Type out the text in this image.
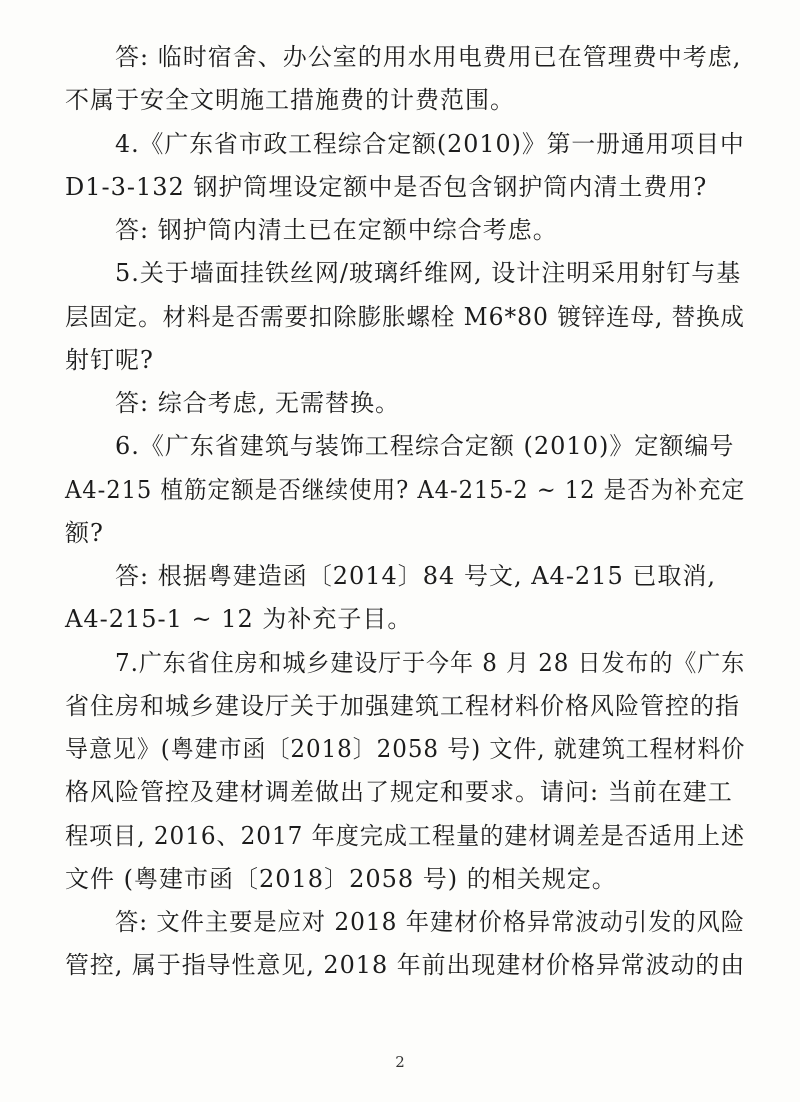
答: 临时宿舍、办公室的用水用电费用已在管理费中考虑,
不属于安全文明施工措施费的计费范围。
4.《广东省市政工程综合定额(2010)》第一册通用项目中
D1-3-132 钢护筒埋设定额中是否包含钢护筒内清土费用?
答: 钢护筒内清土已在定额中综合考虑。
5.关于墙面挂铁丝网/玻璃纤维网, 设计注明采用射钉与基
层固定。材料是否需要扣除膨胀螺栓 M6*80 镀锌连母, 替换成
射钉呢?
答: 综合考虑, 无需替换。
6.《广东省建筑与装饰工程综合定额 (2010)》定额编号
A4-215 植筋定额是否继续使用? A4-215-2 ~ 12 是否为补充定
额?
答: 根据粤建造函〔2014〕84 号文, A4-215 已取消,
A4-215-1 ~ 12 为补充子目。
7.广东省住房和城乡建设厅于今年 8 月 28 日发布的《广东
省住房和城乡建设厅关于加强建筑工程材料价格风险管控的指
导意见》(粤建市函〔2018〕2058 号) 文件, 就建筑工程材料价
格风险管控及建材调差做出了规定和要求。请问: 当前在建工
程项目, 2016、2017 年度完成工程量的建材调差是否适用上述
文件 (粤建市函〔2018〕2058 号) 的相关规定。
答: 文件主要是应对 2018 年建材价格异常波动引发的风险
管控, 属于指导性意见, 2018 年前出现建材价格异常波动的由
2
